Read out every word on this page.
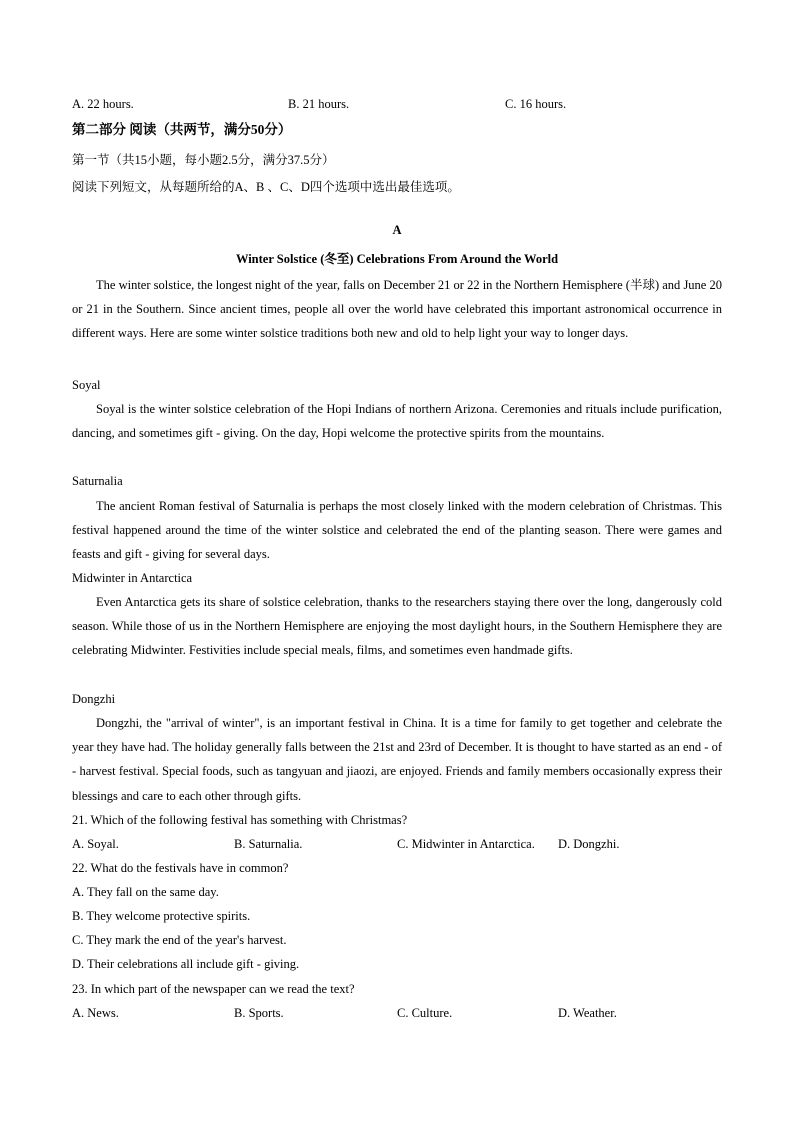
A. 22 hours.	B. 21 hours.	C. 16 hours.
第二部分 阅读（共两节，满分50分）
第一节（共15小题，每小题2.5分，满分37.5分）
阅读下列短文，从每题所给的A、B 、C、D四个选项中选出最佳选项。
A
Winter Solstice (冬至) Celebrations From Around the World
The winter solstice, the longest night of the year, falls on December 21 or 22 in the Northern Hemisphere (半球) and June 20 or 21 in the Southern. Since ancient times, people all over the world have celebrated this important astronomical occurrence in different ways. Here are some winter solstice traditions both new and old to help light your way to longer days.
Soyal
Soyal is the winter solstice celebration of the Hopi Indians of northern Arizona. Ceremonies and rituals include purification, dancing, and sometimes gift - giving. On the day, Hopi welcome the protective spirits from the mountains.
Saturnalia
The ancient Roman festival of Saturnalia is perhaps the most closely linked with the modern celebration of Christmas. This festival happened around the time of the winter solstice and celebrated the end of the planting season. There were games and feasts and gift - giving for several days.
Midwinter in Antarctica
Even Antarctica gets its share of solstice celebration, thanks to the researchers staying there over the long, dangerously cold season. While those of us in the Northern Hemisphere are enjoying the most daylight hours, in the Southern Hemisphere they are celebrating Midwinter. Festivities include special meals, films, and sometimes even handmade gifts.
Dongzhi
Dongzhi, the "arrival of winter", is an important festival in China. It is a time for family to get together and celebrate the year they have had. The holiday generally falls between the 21st and 23rd of December. It is thought to have started as an end - of - harvest festival. Special foods, such as tangyuan and jiaozi, are enjoyed. Friends and family members occasionally express their blessings and care to each other through gifts.
21. Which of the following festival has something with Christmas?
A. Soyal.	B. Saturnalia.	C. Midwinter in Antarctica. D. Dongzhi.
22. What do the festivals have in common?
A. They fall on the same day.
B. They welcome protective spirits.
C. They mark the end of the year's harvest.
D. Their celebrations all include gift - giving.
23. In which part of the newspaper can we read the text?
A. News.	B. Sports.	C. Culture.	D. Weather.
